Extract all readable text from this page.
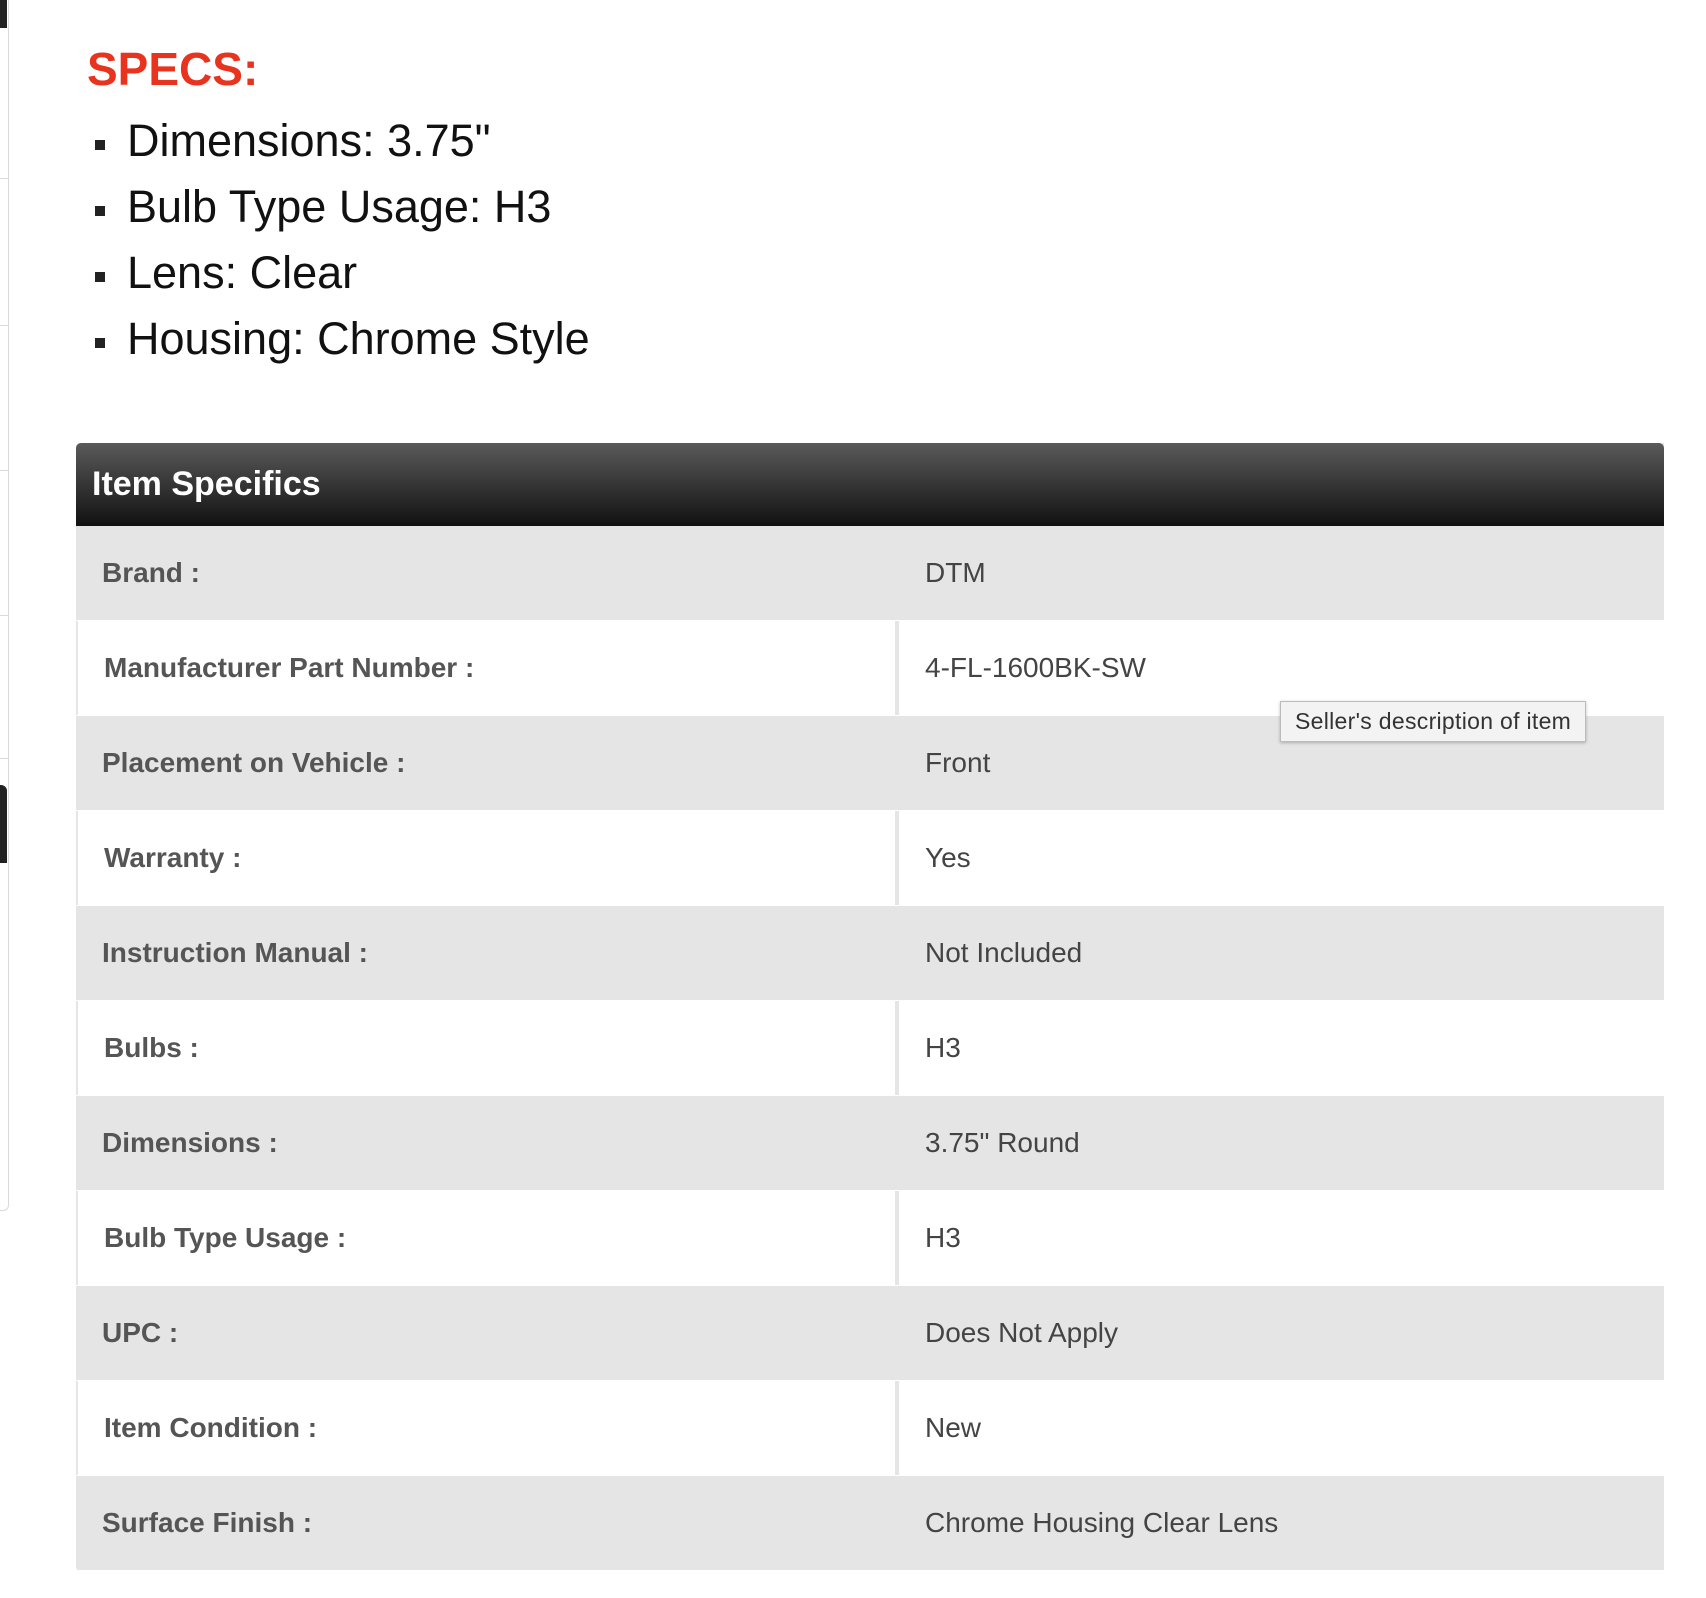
SPECS:
Dimensions: 3.75"
Bulb Type Usage: H3
Lens: Clear
Housing: Chrome Style
Item Specifics
Brand :	DTM
Manufacturer Part Number :	4-FL-1600BK-SW
Placement on Vehicle :	Front
Warranty :	Yes
Instruction Manual :	Not Included
Bulbs :	H3
Dimensions :	3.75" Round
Bulb Type Usage :	H3
UPC :	Does Not Apply
Item Condition :	New
Surface Finish :	Chrome Housing Clear Lens
Seller's description of item
